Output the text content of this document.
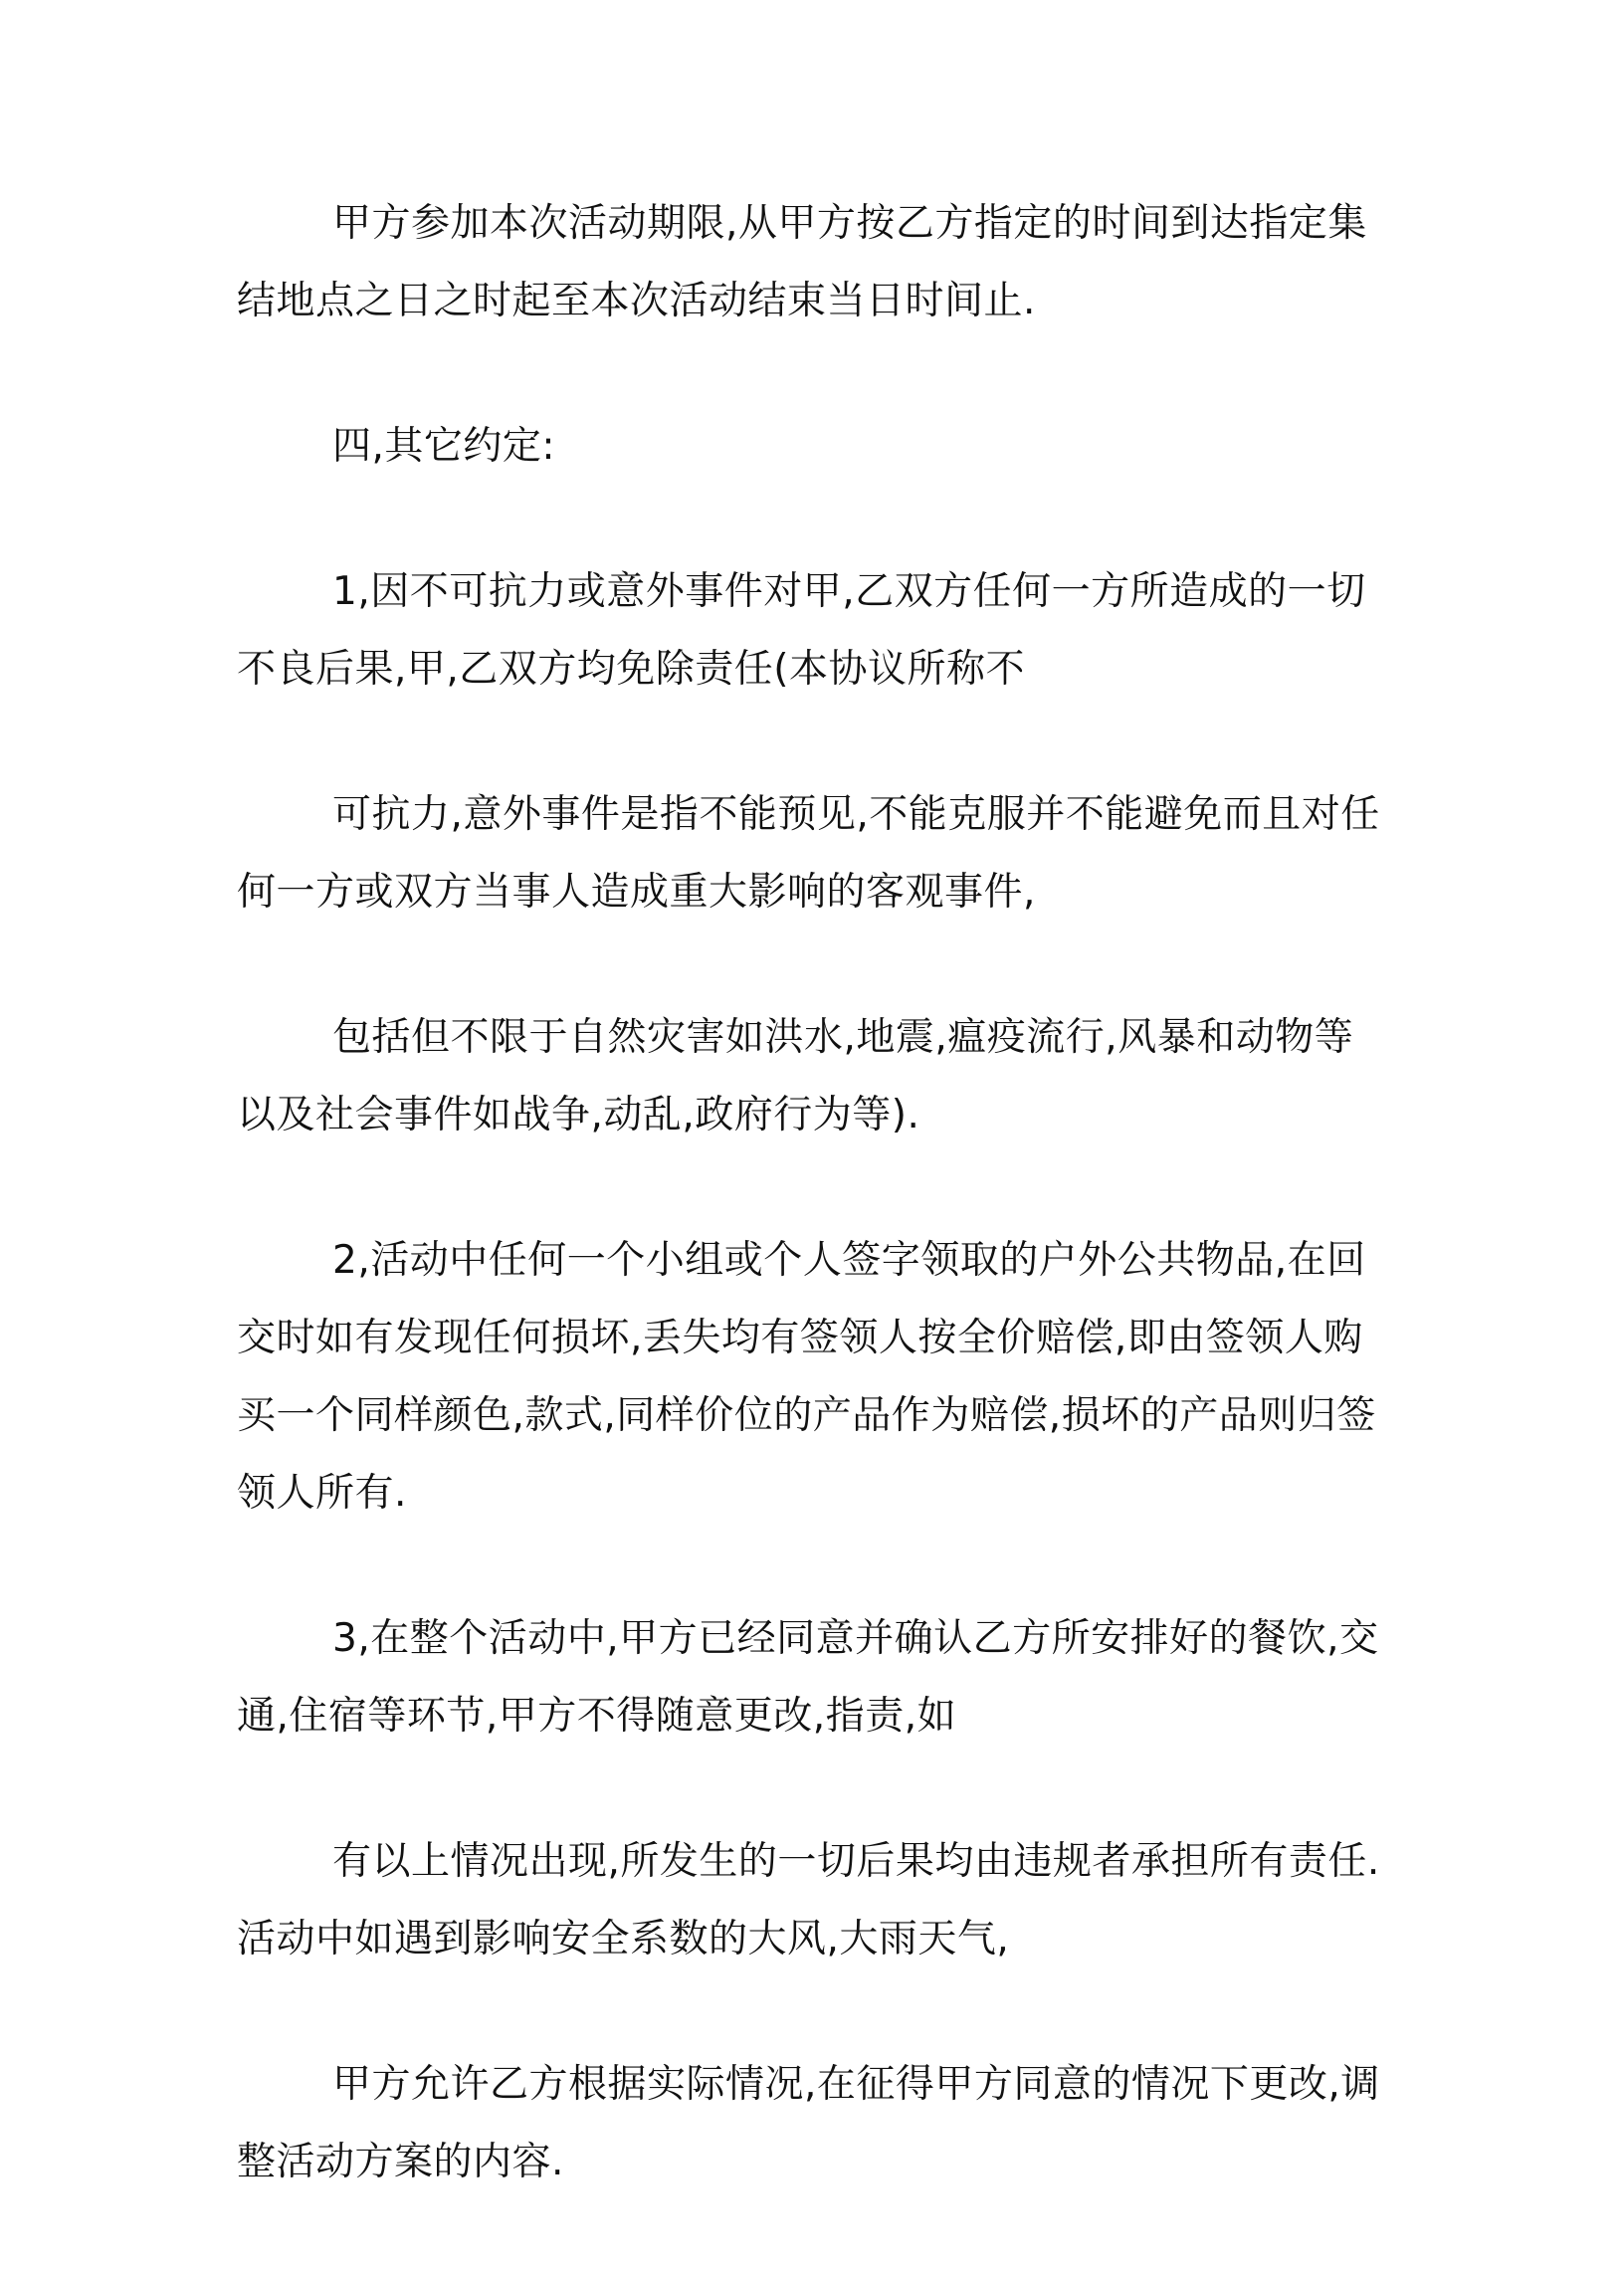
甲方参加本次活动期限,从甲方按乙方指定的时间到达指定集结地点之日之时起至本次活动结束当日时间止.

四,其它约定:

1,因不可抗力或意外事件对甲,乙双方任何一方所造成的一切不良后果,甲,乙双方均免除责任(本协议所称不

可抗力,意外事件是指不能预见,不能克服并不能避免而且对任何一方或双方当事人造成重大影响的客观事件,

包括但不限于自然灾害如洪水,地震,瘟疫流行,风暴和动物等以及社会事件如战争,动乱,政府行为等).

2,活动中任何一个小组或个人签字领取的户外公共物品,在回交时如有发现任何损坏,丢失均有签领人按全价赔偿,即由签领人购买一个同样颜色,款式,同样价位的产品作为赔偿,损坏的产品则归签领人所有.

3,在整个活动中,甲方已经同意并确认乙方所安排好的餐饮,交通,住宿等环节,甲方不得随意更改,指责,如

有以上情况出现,所发生的一切后果均由违规者承担所有责任.活动中如遇到影响安全系数的大风,大雨天气,

甲方允许乙方根据实际情况,在征得甲方同意的情况下更改,调整活动方案的内容.
